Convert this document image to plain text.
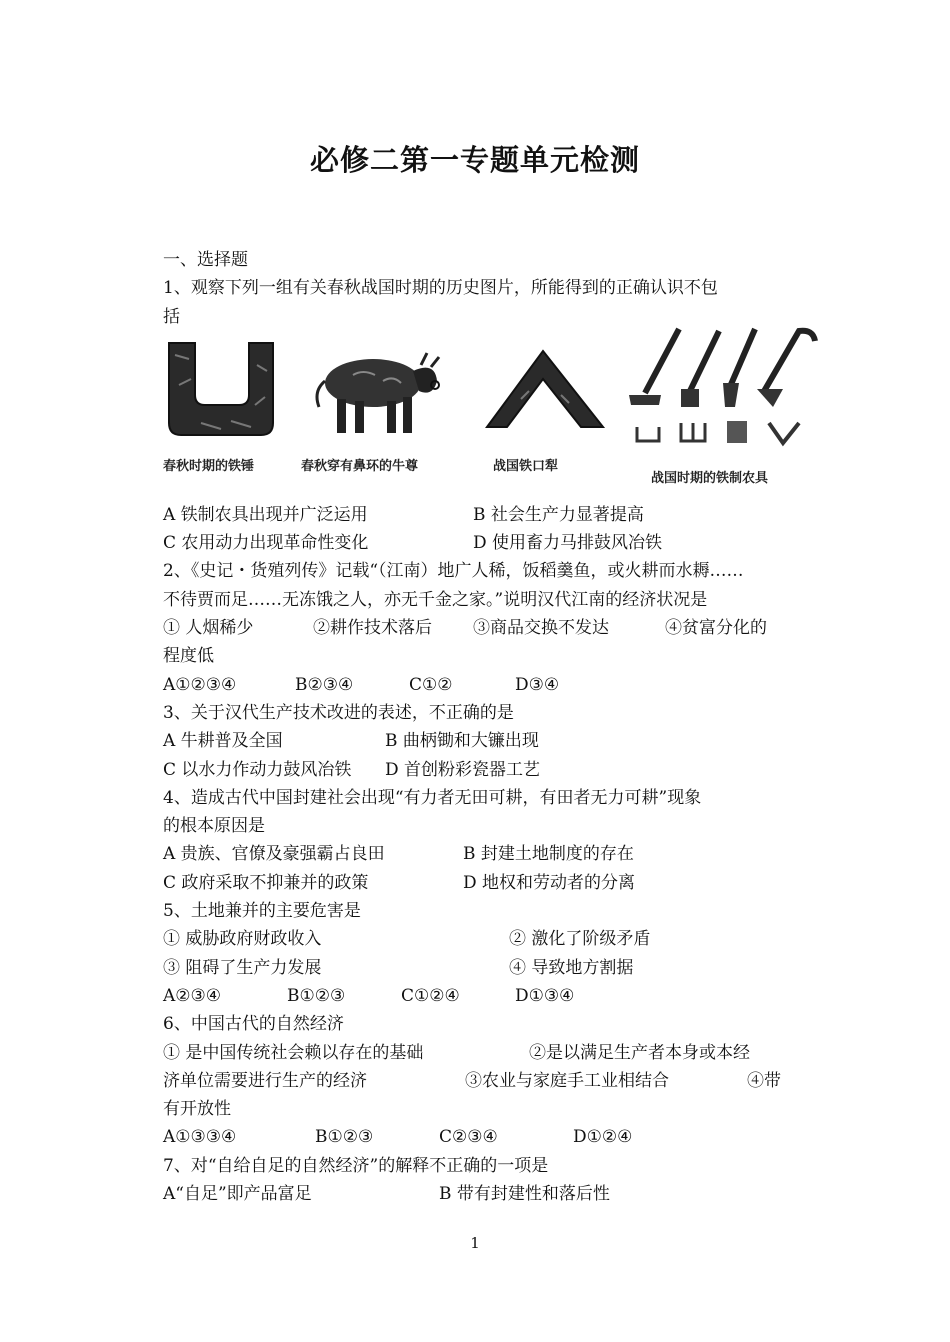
必修二第一专题单元检测
一、选择题
1、观察下列一组有关春秋战国时期的历史图片，所能得到的正确认识不包
括
春秋时期的铁锤	春秋穿有鼻环的牛尊	战国铁口犁
战国时期的铁制农具
A 铁制农具出现并广泛运用	B 社会生产力显著提高
C 农用动力出现革命性变化	D 使用畜力马排鼓风冶铁
2、《史记・货殖列传》记载“（江南）地广人稀，饭稻羹鱼，或火耕而水耨……
不待贾而足……无冻饿之人，亦无千金之家。”说明汉代江南的经济状况是
① 人烟稀少	②耕作技术落后 ③商品交换不发达	④贫富分化的
程度低
A①②③④	B②③④	C①②	D③④
3、关于汉代生产技术改进的表述，不正确的是
A 牛耕普及全国	B 曲柄锄和大镰出现
C 以水力作动力鼓风冶铁 D 首创粉彩瓷器工艺
4、造成古代中国封建社会出现“有力者无田可耕，有田者无力可耕”现象
的根本原因是
A 贵族、官僚及豪强霸占良田	B 封建土地制度的存在
C 政府采取不抑兼并的政策	D 地权和劳动者的分离
5、土地兼并的主要危害是
① 威胁政府财政收入	② 激化了阶级矛盾
③ 阻碍了生产力发展	④ 导致地方割据
A②③④	B①②③	C①②④	D①③④
6、中国古代的自然经济
① 是中国传统社会赖以存在的基础	②是以满足生产者本身或本经
济单位需要进行生产的经济	③农业与家庭手工业相结合	④带
有开放性
A①③③④	B①②③	C②③④	D①②④
7、对“自给自足的自然经济”的解释不正确的一项是
A“自足”即产品富足	B 带有封建性和落后性
1
